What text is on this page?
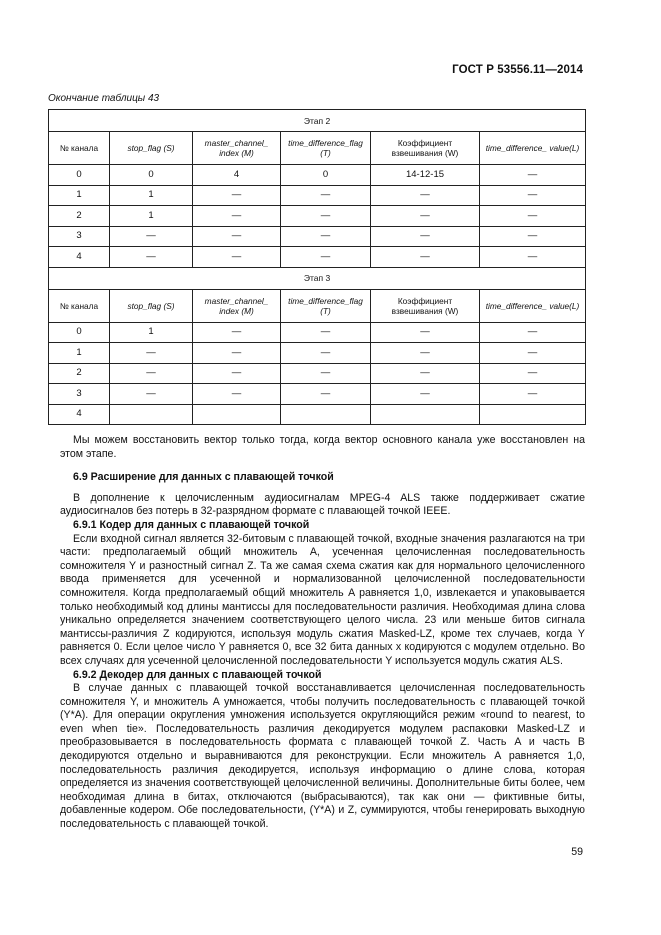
ГОСТ Р 53556.11—2014
Окончание таблицы 43
Этап 2					
№ канала	stop_flag (S)	master_channel_ index (M)	time_difference_flag (T)	Коэффициент взвешивания (W)	time_difference_ value(L)
0	0	4	0	14-12-15	—
1	1	—	—	—	—
2	1	—	—	—	—
3	—	—	—	—	—
4	—	—	—	—	—
Этап 3					
№ канала	stop_flag (S)	master_channel_ index (M)	time_difference_flag (T)	Коэффициент взвешивания (W)	time_difference_ value(L)
0	1	—	—	—	—
1	—	—	—	—	—
2	—	—	—	—	—
3	—	—	—	—	—
4					

Мы можем восстановить вектор только тогда, когда вектор основного канала уже восстановлен на этом этапе.

6.9 Расширение для данных с плавающей точкой

В дополнение к целочисленным аудиосигналам MPEG-4 ALS также поддерживает сжатие аудиосигналов без потерь в 32-разрядном формате с плавающей точкой IEEE.

6.9.1 Кодер для данных с плавающей точкой

Если входной сигнал является 32-битовым с плавающей точкой, входные значения разлагаются на три части: предполагаемый общий множитель A, усеченная целочисленная последовательность сомножителя Y и разностный сигнал Z. Та же самая схема сжатия как для нормального целочисленного ввода применяется для усеченной и нормализованной целочисленной последовательности сомножителя. Когда предполагаемый общий множитель A равняется 1,0, извлекается и упаковывается только необходимый код длины мантиссы для последовательности различия. Необходимая длина слова уникально определяется значением соответствующего целого числа. 23 или меньше битов сигнала мантиссы-различия Z кодируются, используя модуль сжатия Masked-LZ, кроме тех случаев, когда Y равняется 0. Если целое число Y равняется 0, все 32 бита данных x кодируются с модулем отдельно. Во всех случаях для усеченной целочисленной последовательности Y используется модуль сжатия ALS.

6.9.2 Декодер для данных с плавающей точкой

В случае данных с плавающей точкой восстанавливается целочисленная последовательность сомножителя Y, и множитель A умножается, чтобы получить последовательность с плавающей точкой (Y*A). Для операции округления умножения используется округляющийся режим «round to nearest, to even when tie». Последовательность различия декодируется модулем распаковки Masked-LZ и преобразовывается в последовательность формата с плавающей точкой Z. Часть A и часть B декодируются отдельно и выравниваются для реконструкции. Если множитель A равняется 1,0, последовательность различия декодируется, используя информацию о длине слова, которая определяется из значения соответствующей целочисленной величины. Дополнительные биты более, чем необходимая длина в битах, отключаются (выбрасываются), так как они — фиктивные биты, добавленные кодером. Обе последовательности, (Y*A) и Z, суммируются, чтобы генерировать выходную последовательность с плавающей точкой.

59
